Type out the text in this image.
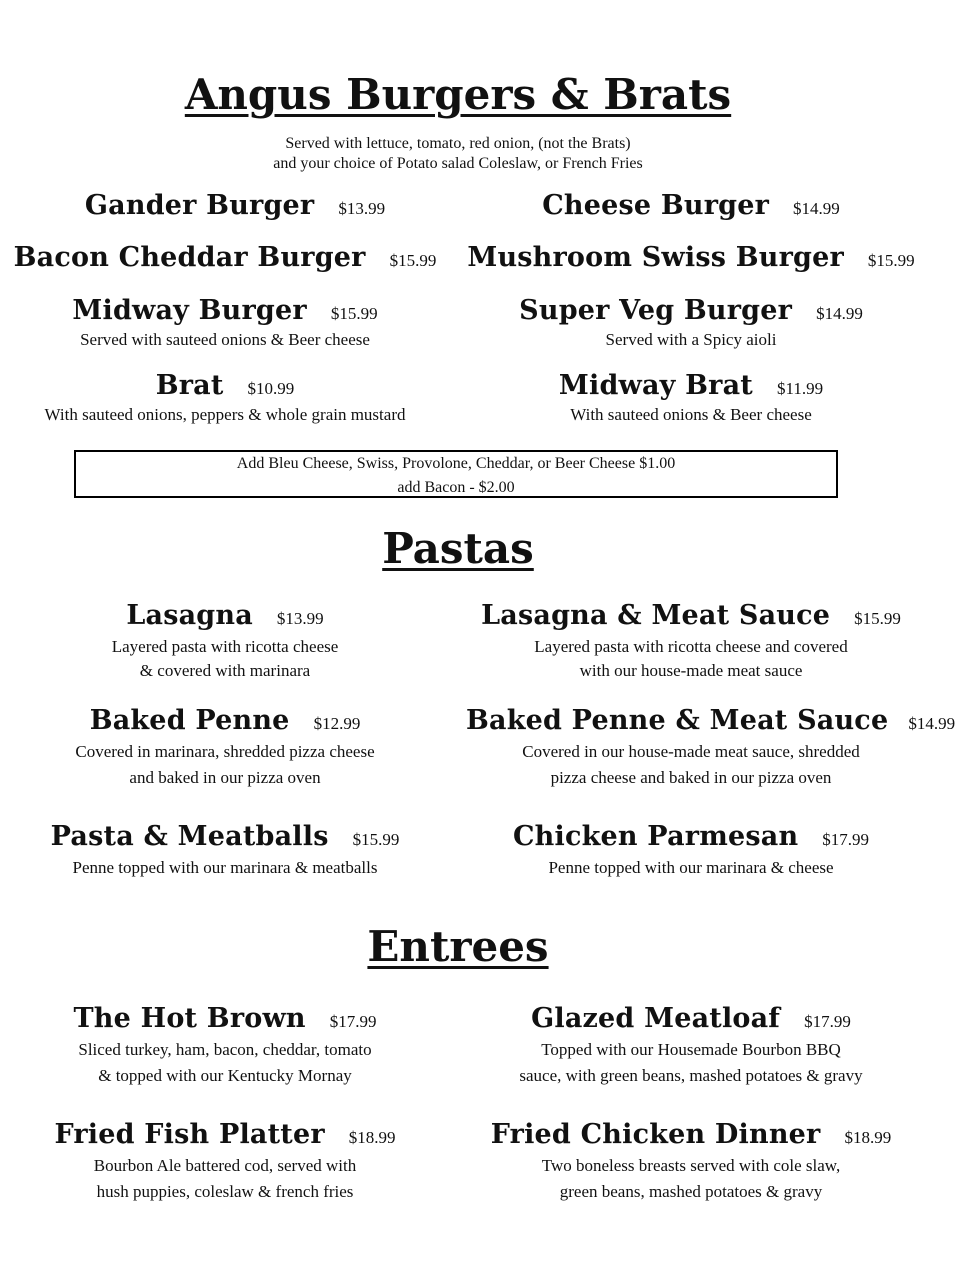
Angus Burgers & Brats
Served with lettuce, tomato, red onion, (not the Brats)
and your choice of Potato salad Coleslaw, or French Fries
Gander Burger $13.99	Cheese Burger $14.99
Bacon Cheddar Burger $15.99	Mushroom Swiss Burger $15.99
Midway Burger $15.99
Served with sauteed onions & Beer cheese
Super Veg Burger $14.99
Served with a Spicy aioli
Brat $10.99
With sauteed onions, peppers & whole grain mustard
Midway Brat $11.99
With sauteed onions & Beer cheese
Add Bleu Cheese, Swiss, Provolone, Cheddar, or Beer Cheese $1.00
add Bacon - $2.00
Pastas
Lasagna $13.99
Layered pasta with ricotta cheese
& covered with marinara
Lasagna & Meat Sauce $15.99
Layered pasta with ricotta cheese and covered
with our house-made meat sauce
Baked Penne $12.99
Covered in marinara, shredded pizza cheese
and baked in our pizza oven
Baked Penne & Meat Sauce $14.99
Covered in our house-made meat sauce, shredded
pizza cheese and baked in our pizza oven
Pasta & Meatballs $15.99
Penne topped with our marinara & meatballs
Chicken Parmesan $17.99
Penne topped with our marinara & cheese
Entrees
The Hot Brown $17.99
Sliced turkey, ham, bacon, cheddar, tomato
& topped with our Kentucky Mornay
Glazed Meatloaf $17.99
Topped with our Housemade Bourbon BBQ
sauce, with green beans, mashed potatoes & gravy
Fried Fish Platter $18.99
Bourbon Ale battered cod, served with
hush puppies, coleslaw & french fries
Fried Chicken Dinner $18.99
Two boneless breasts served with cole slaw,
green beans, mashed potatoes & gravy
